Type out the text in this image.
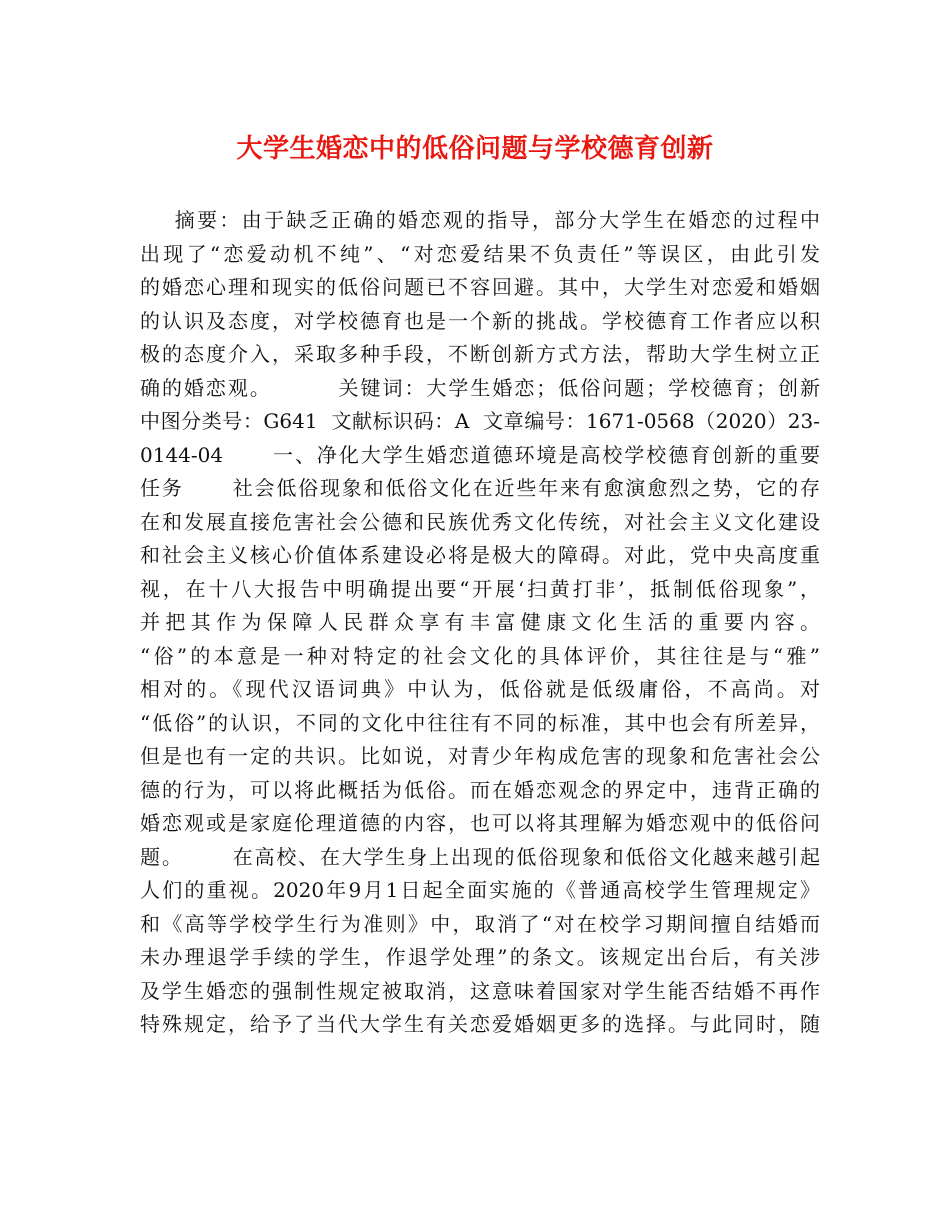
大学生婚恋中的低俗问题与学校德育创新
摘要：由于缺乏正确的婚恋观的指导，部分大学生在婚恋的过程中
出现了“恋爱动机不纯”、“对恋爱结果不负责任”等误区，由此引发
的婚恋心理和现实的低俗问题已不容回避。其中，大学生对恋爱和婚姻
的认识及态度，对学校德育也是一个新的挑战。学校德育工作者应以积
极的态度介入，采取多种手段，不断创新方式方法，帮助大学生树立正
确的婚恋观。        关键词：大学生婚恋；低俗问题；学校德育；创新
中图分类号：G641  文献标识码：A  文章编号：1671-0568（2020）23-
0144-04      一、净化大学生婚恋道德环境是高校学校德育创新的重要
任务      社会低俗现象和低俗文化在近些年来有愈演愈烈之势，它的存
在和发展直接危害社会公德和民族优秀文化传统，对社会主义文化建设
和社会主义核心价值体系建设必将是极大的障碍。对此，党中央高度重
视，在十八大报告中明确提出要“开展‘扫黄打非’，抵制低俗现象”，
并把其作为保障人民群众享有丰富健康文化生活的重要内容。
“俗”的本意是一种对特定的社会文化的具体评价，其往往是与“雅”
相对的。《现代汉语词典》中认为，低俗就是低级庸俗，不高尚。对
“低俗”的认识，不同的文化中往往有不同的标准，其中也会有所差异，
但是也有一定的共识。比如说，对青少年构成危害的现象和危害社会公
德的行为，可以将此概括为低俗。而在婚恋观念的界定中，违背正确的
婚恋观或是家庭伦理道德的内容，也可以将其理解为婚恋观中的低俗问
题。      在高校、在大学生身上出现的低俗现象和低俗文化越来越引起
人们的重视。2020年9月1日起全面实施的《普通高校学生管理规定》
和《高等学校学生行为准则》中，取消了“对在校学习期间擅自结婚而
未办理退学手续的学生，作退学处理”的条文。该规定出台后，有关涉
及学生婚恋的强制性规定被取消，这意味着国家对学生能否结婚不再作
特殊规定，给予了当代大学生有关恋爱婚姻更多的选择。与此同时，随
